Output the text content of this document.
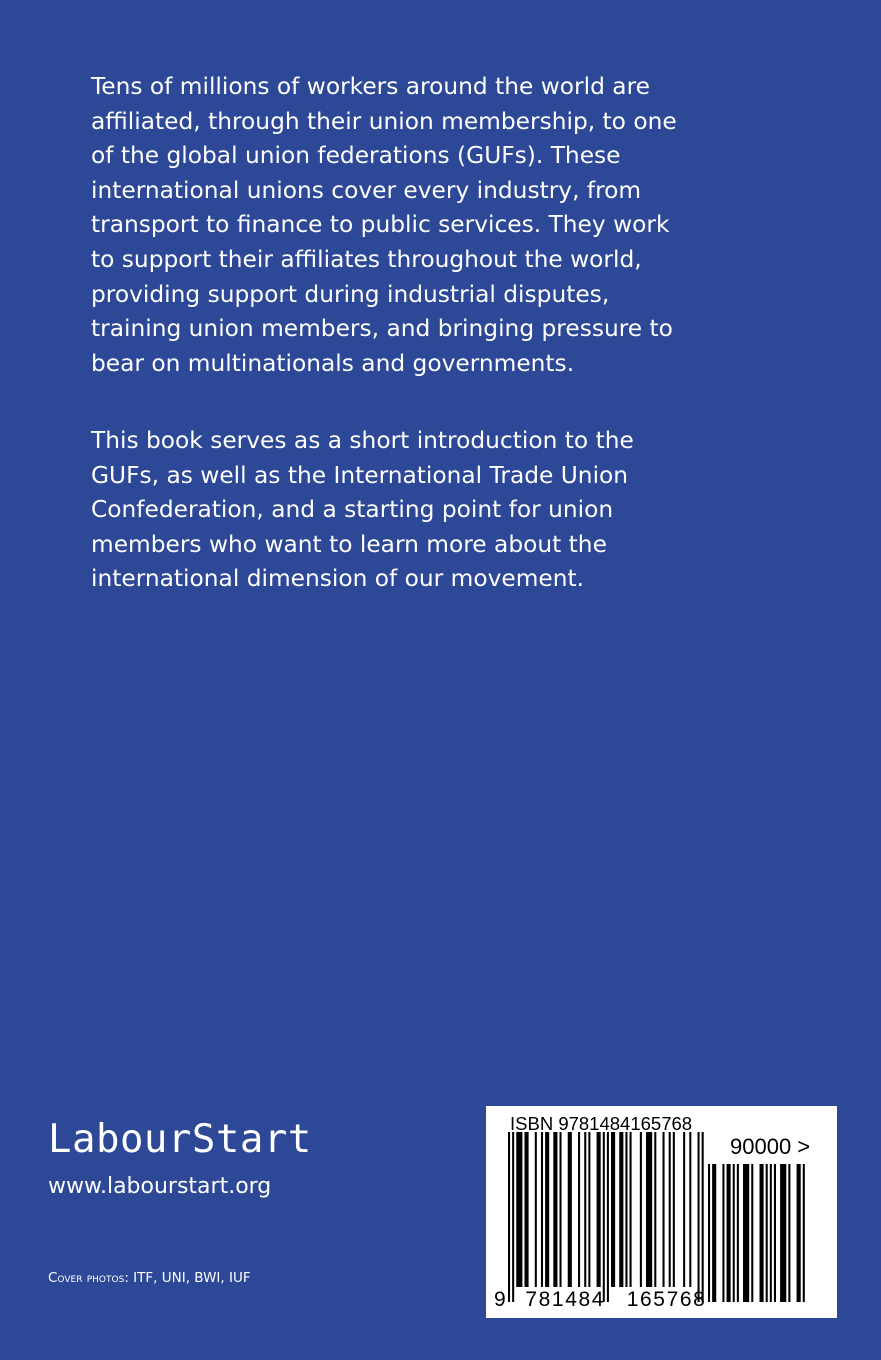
Tens of millions of workers around the world are
affiliated, through their union membership, to one
of the global union federations (GUFs). These
international unions cover every industry, from
transport to finance to public services. They work
to support their affiliates throughout the world,
providing support during industrial disputes,
training union members, and bringing pressure to
bear on multinationals and governments.

This book serves as a short introduction to the
GUFs, as well as the International Trade Union
Confederation, and a starting point for union
members who want to learn more about the
international dimension of our movement.

LabourStart
www.labourstart.org
Cover photos: ITF, UNI, BWI, IUF
ISBN 9781484165768
90000 >
9 781484 165768
